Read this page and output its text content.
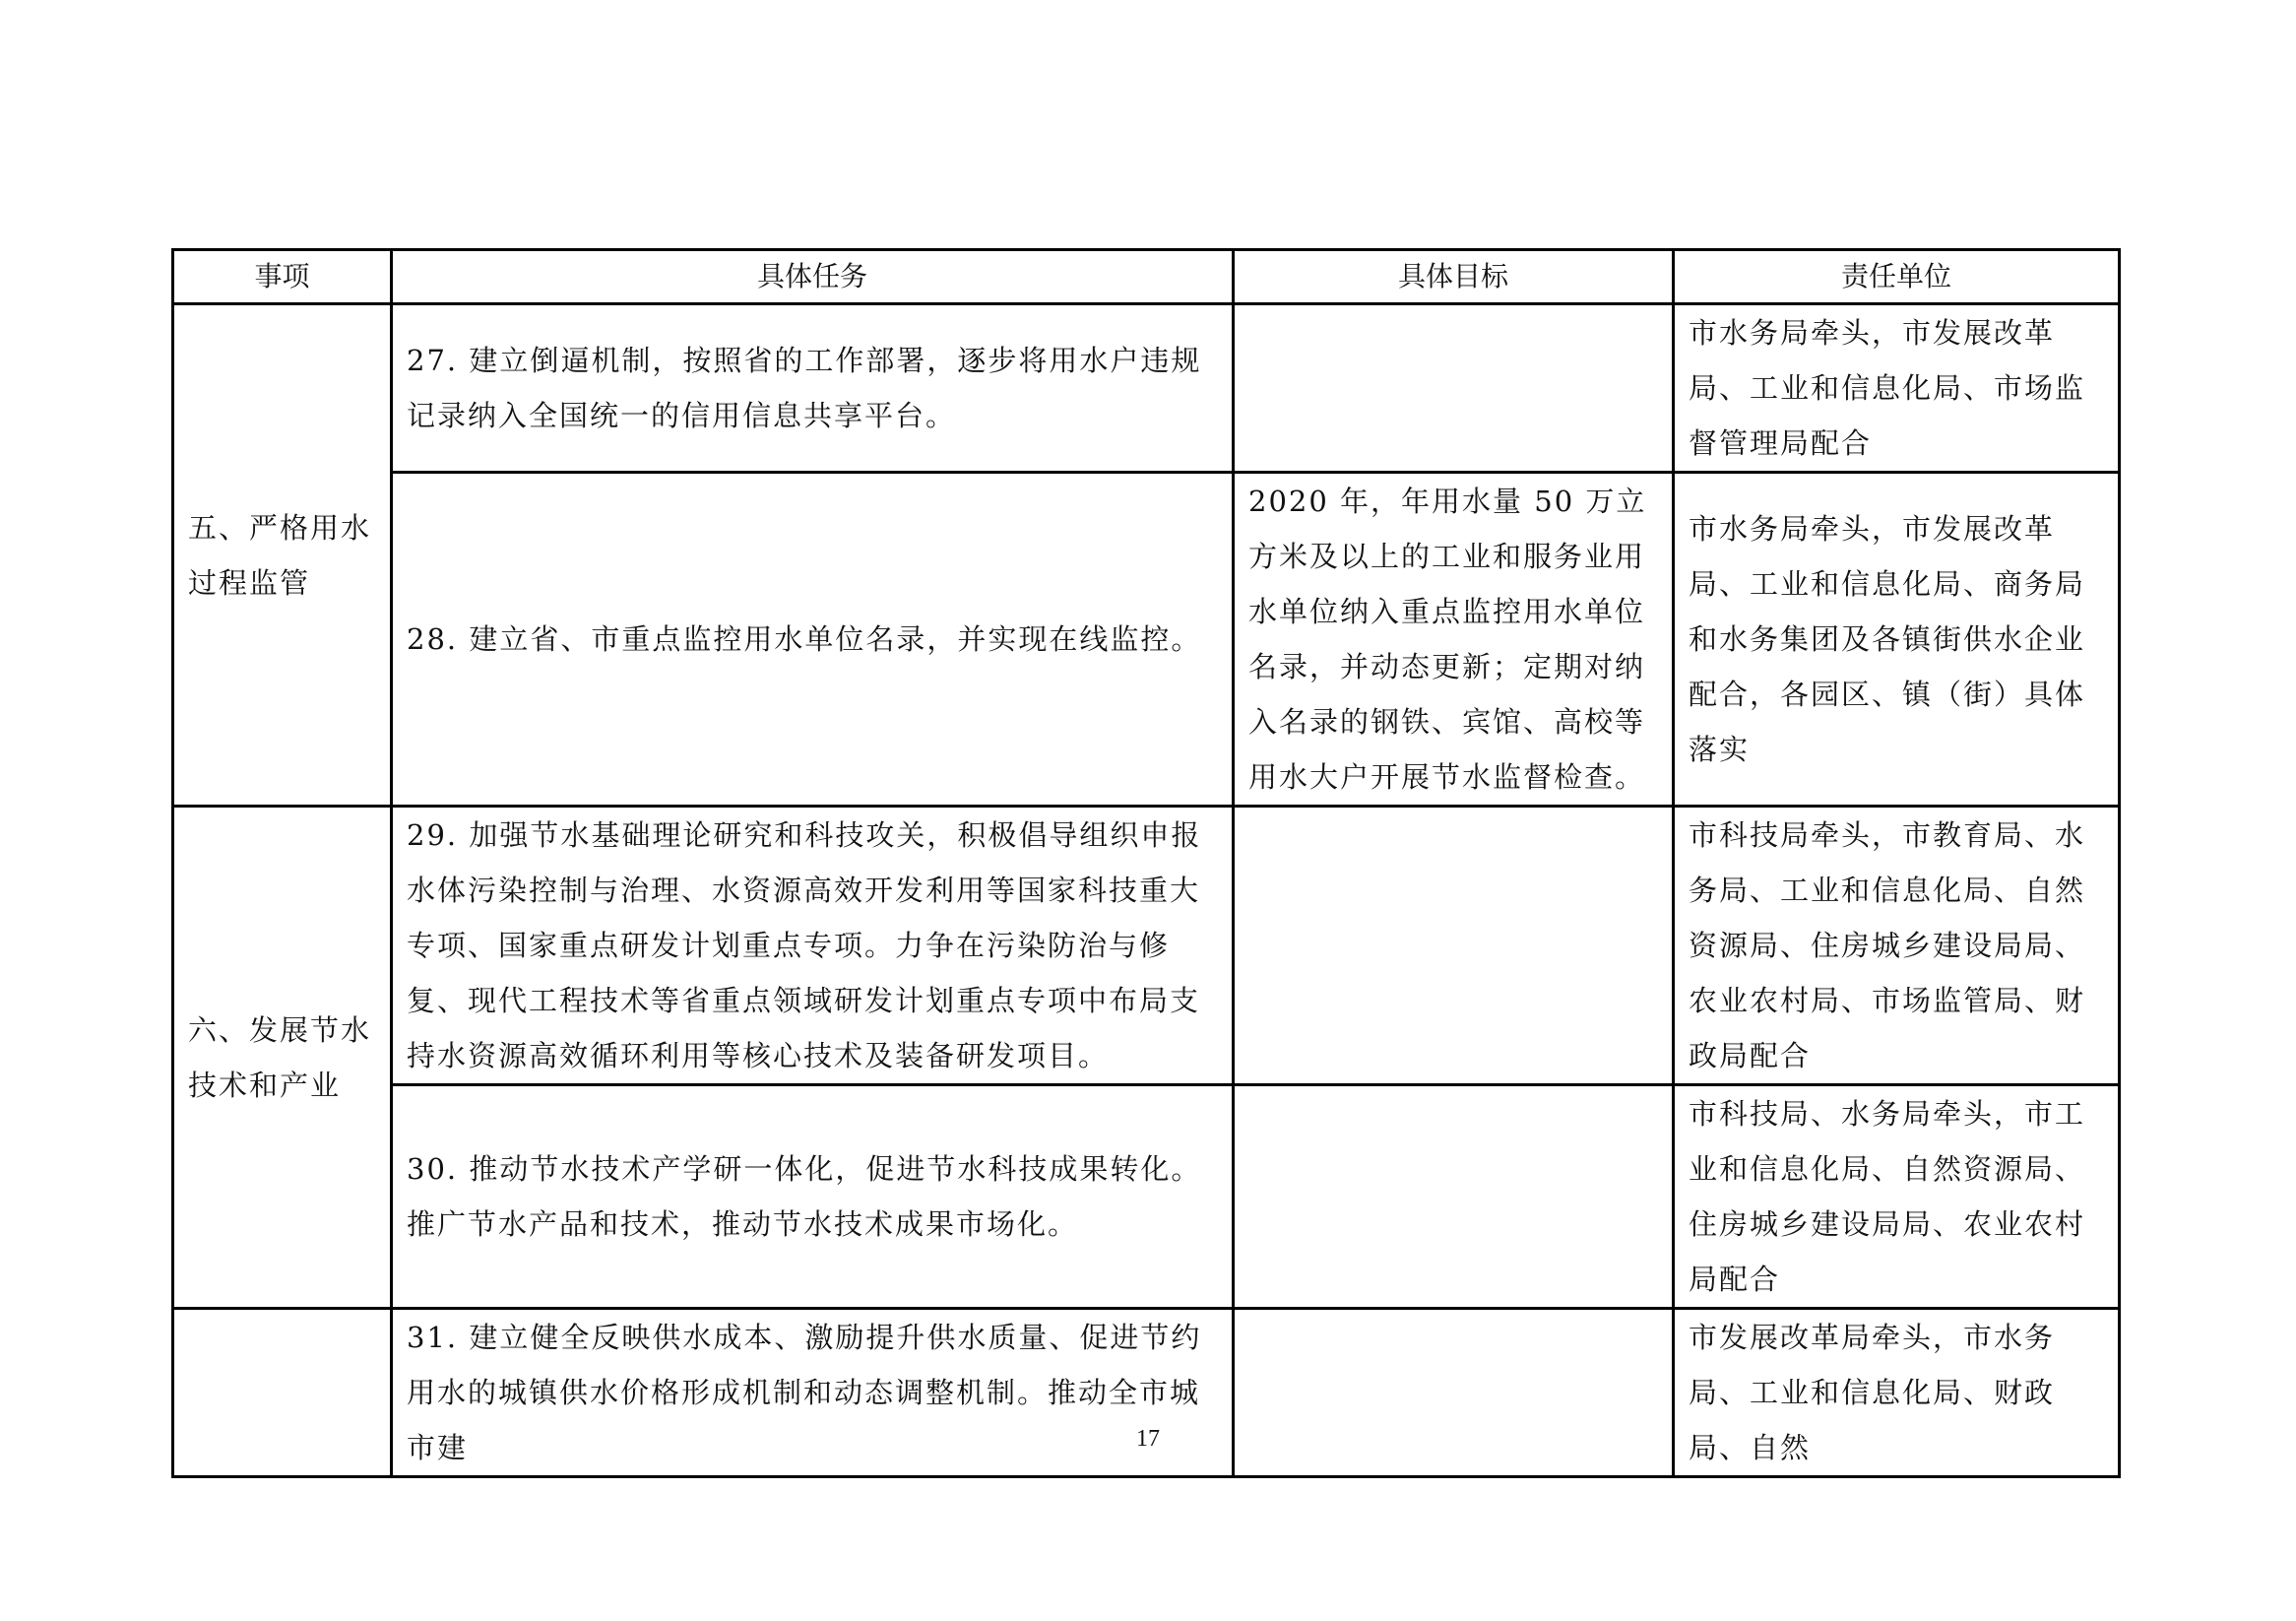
事项	具体任务	具体目标	责任单位
五、严格用水过程监管	27. 建立倒逼机制，按照省的工作部署，逐步将用水户违规记录纳入全国统一的信用信息共享平台。		市水务局牵头，市发展改革局、工业和信息化局、市场监督管理局配合
	28. 建立省、市重点监控用水单位名录，并实现在线监控。	2020 年，年用水量 50 万立方米及以上的工业和服务业用水单位纳入重点监控用水单位名录，并动态更新；定期对纳入名录的钢铁、宾馆、高校等用水大户开展节水监督检查。	市水务局牵头，市发展改革局、工业和信息化局、商务局和水务集团及各镇街供水企业配合，各园区、镇（街）具体落实
六、发展节水技术和产业	29. 加强节水基础理论研究和科技攻关，积极倡导组织申报水体污染控制与治理、水资源高效开发利用等国家科技重大专项、国家重点研发计划重点专项。力争在污染防治与修复、现代工程技术等省重点领域研发计划重点专项中布局支持水资源高效循环利用等核心技术及装备研发项目。		市科技局牵头，市教育局、水务局、工业和信息化局、自然资源局、住房城乡建设局局、农业农村局、市场监管局、财政局配合
	30. 推动节水技术产学研一体化，促进节水科技成果转化。推广节水产品和技术，推动节水技术成果市场化。		市科技局、水务局牵头，市工业和信息化局、自然资源局、住房城乡建设局局、农业农村局配合
	31. 建立健全反映供水成本、激励提升供水质量、促进节约用水的城镇供水价格形成机制和动态调整机制。推动全市城市建		市发展改革局牵头，市水务局、工业和信息化局、财政局、自然
17
